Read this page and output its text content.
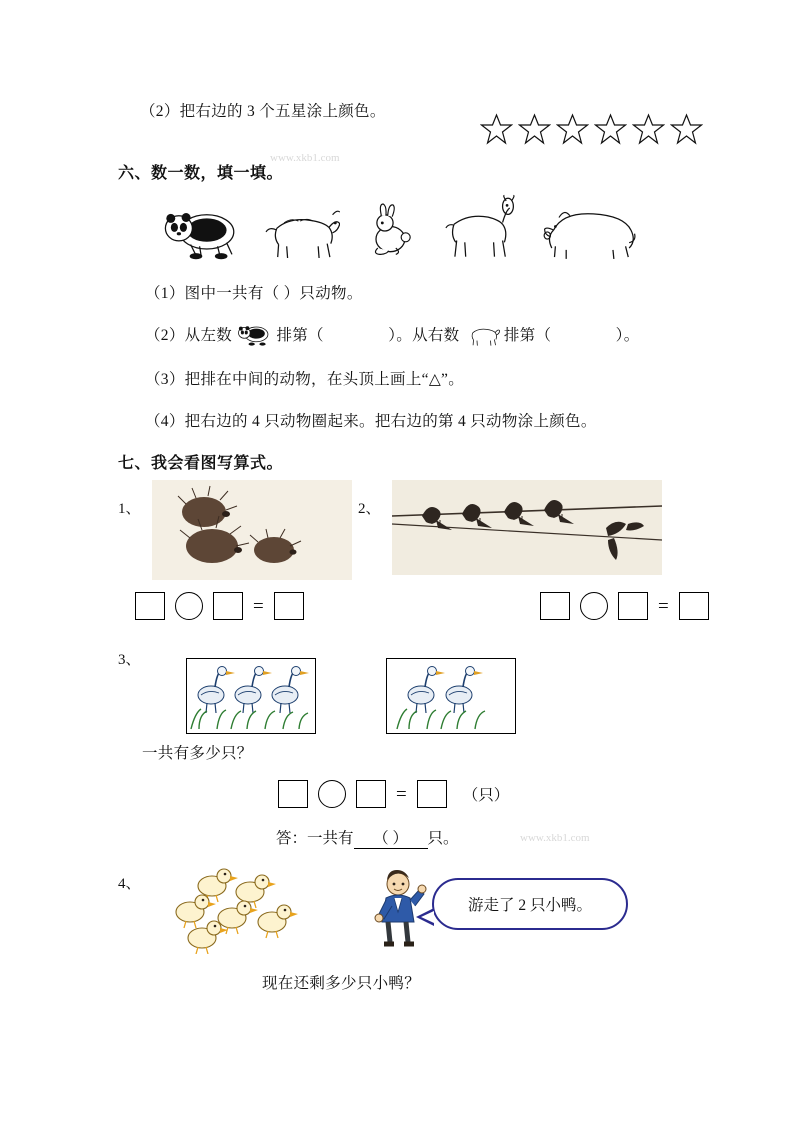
（2）把右边的 3 个五星涂上颜色。
六、数一数，填一填。
www.xkb1.com
（1）图中一共有（ ）只动物。
（2）从左数	排第（	）。从右数	排第（	）。
（3）把排在中间的动物，在头顶上画上“△”。
（4）把右边的 4 只动物圈起来。把右边的第 4 只动物涂上颜色。
七、我会看图写算式。
1、
=
2、
=
3、
一共有多少只？
=	（只）
答：一共有 （ ） 只。	www.xkb1.com
4、
游走了 2 只小鸭。
现在还剩多少只小鸭？
